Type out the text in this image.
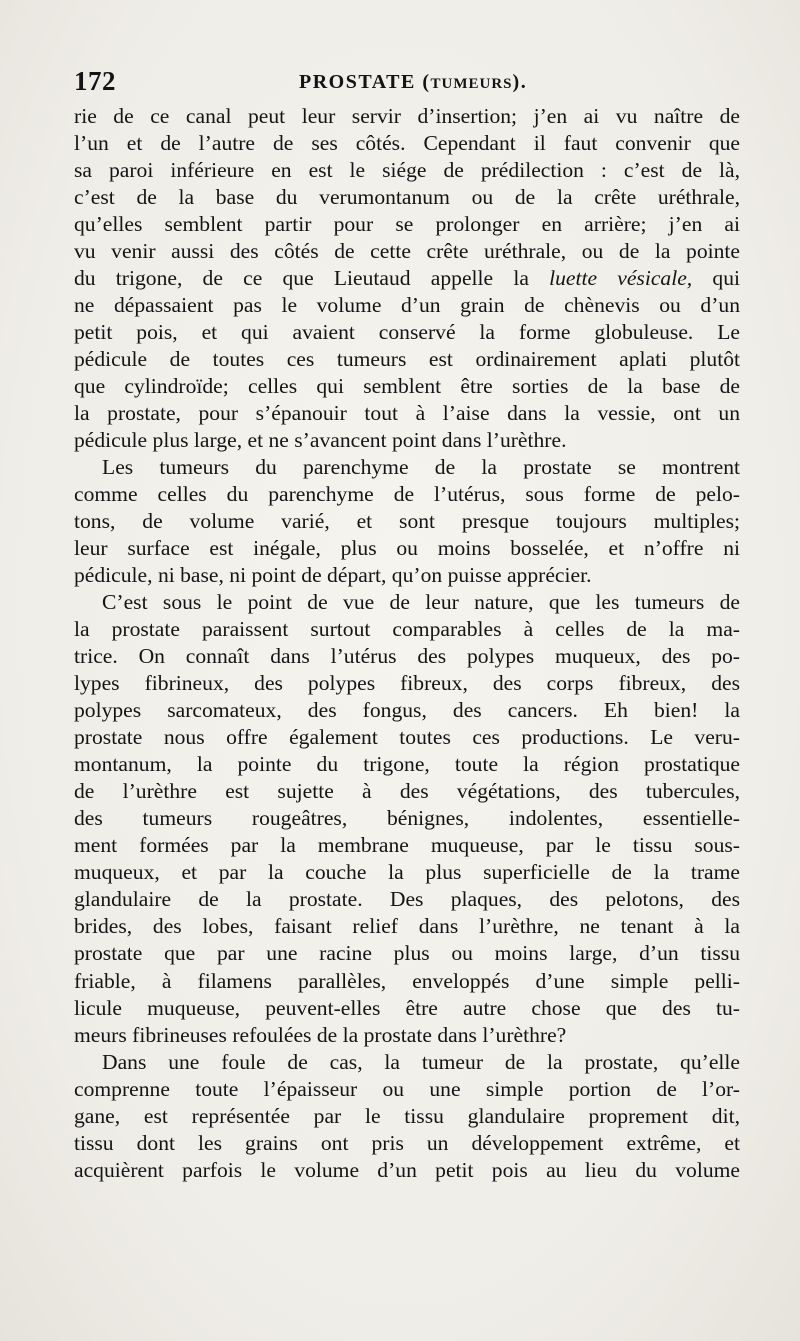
172	PROSTATE (TUMEURS).
rie de ce canal peut leur servir d’insertion; j’en ai vu naître de
l’un et de l’autre de ses côtés. Cependant il faut convenir que
sa paroi inférieure en est le siége de prédilection : c’est de là,
c’est de la base du verumontanum ou de la crête uréthrale,
qu’elles semblent partir pour se prolonger en arrière; j’en ai
vu venir aussi des côtés de cette crête uréthrale, ou de la pointe
du trigone, de ce que Lieutaud appelle la luette vésicale, qui
ne dépassaient pas le volume d’un grain de chènevis ou d’un
petit pois, et qui avaient conservé la forme globuleuse. Le
pédicule de toutes ces tumeurs est ordinairement aplati plutôt
que cylindroïde; celles qui semblent être sorties de la base de
la prostate, pour s’épanouir tout à l’aise dans la vessie, ont un
pédicule plus large, et ne s’avancent point dans l’urèthre.
Les tumeurs du parenchyme de la prostate se montrent
comme celles du parenchyme de l’utérus, sous forme de pelo-
tons, de volume varié, et sont presque toujours multiples;
leur surface est inégale, plus ou moins bosselée, et n’offre ni
pédicule, ni base, ni point de départ, qu’on puisse apprécier.
C’est sous le point de vue de leur nature, que les tumeurs de
la prostate paraissent surtout comparables à celles de la ma-
trice. On connaît dans l’utérus des polypes muqueux, des po-
lypes fibrineux, des polypes fibreux, des corps fibreux, des
polypes sarcomateux, des fongus, des cancers. Eh bien! la
prostate nous offre également toutes ces productions. Le veru-
montanum, la pointe du trigone, toute la région prostatique
de l’urèthre est sujette à des végétations, des tubercules,
des tumeurs rougeâtres, bénignes, indolentes, essentielle-
ment formées par la membrane muqueuse, par le tissu sous-
muqueux, et par la couche la plus superficielle de la trame
glandulaire de la prostate. Des plaques, des pelotons, des
brides, des lobes, faisant relief dans l’urèthre, ne tenant à la
prostate que par une racine plus ou moins large, d’un tissu
friable, à filamens parallèles, enveloppés d’une simple pelli-
licule muqueuse, peuvent-elles être autre chose que des tu-
meurs fibrineuses refoulées de la prostate dans l’urèthre?
Dans une foule de cas, la tumeur de la prostate, qu’elle
comprenne toute l’épaisseur ou une simple portion de l’or-
gane, est représentée par le tissu glandulaire proprement dit,
tissu dont les grains ont pris un développement extrême, et
acquièrent parfois le volume d’un petit pois au lieu du volume
